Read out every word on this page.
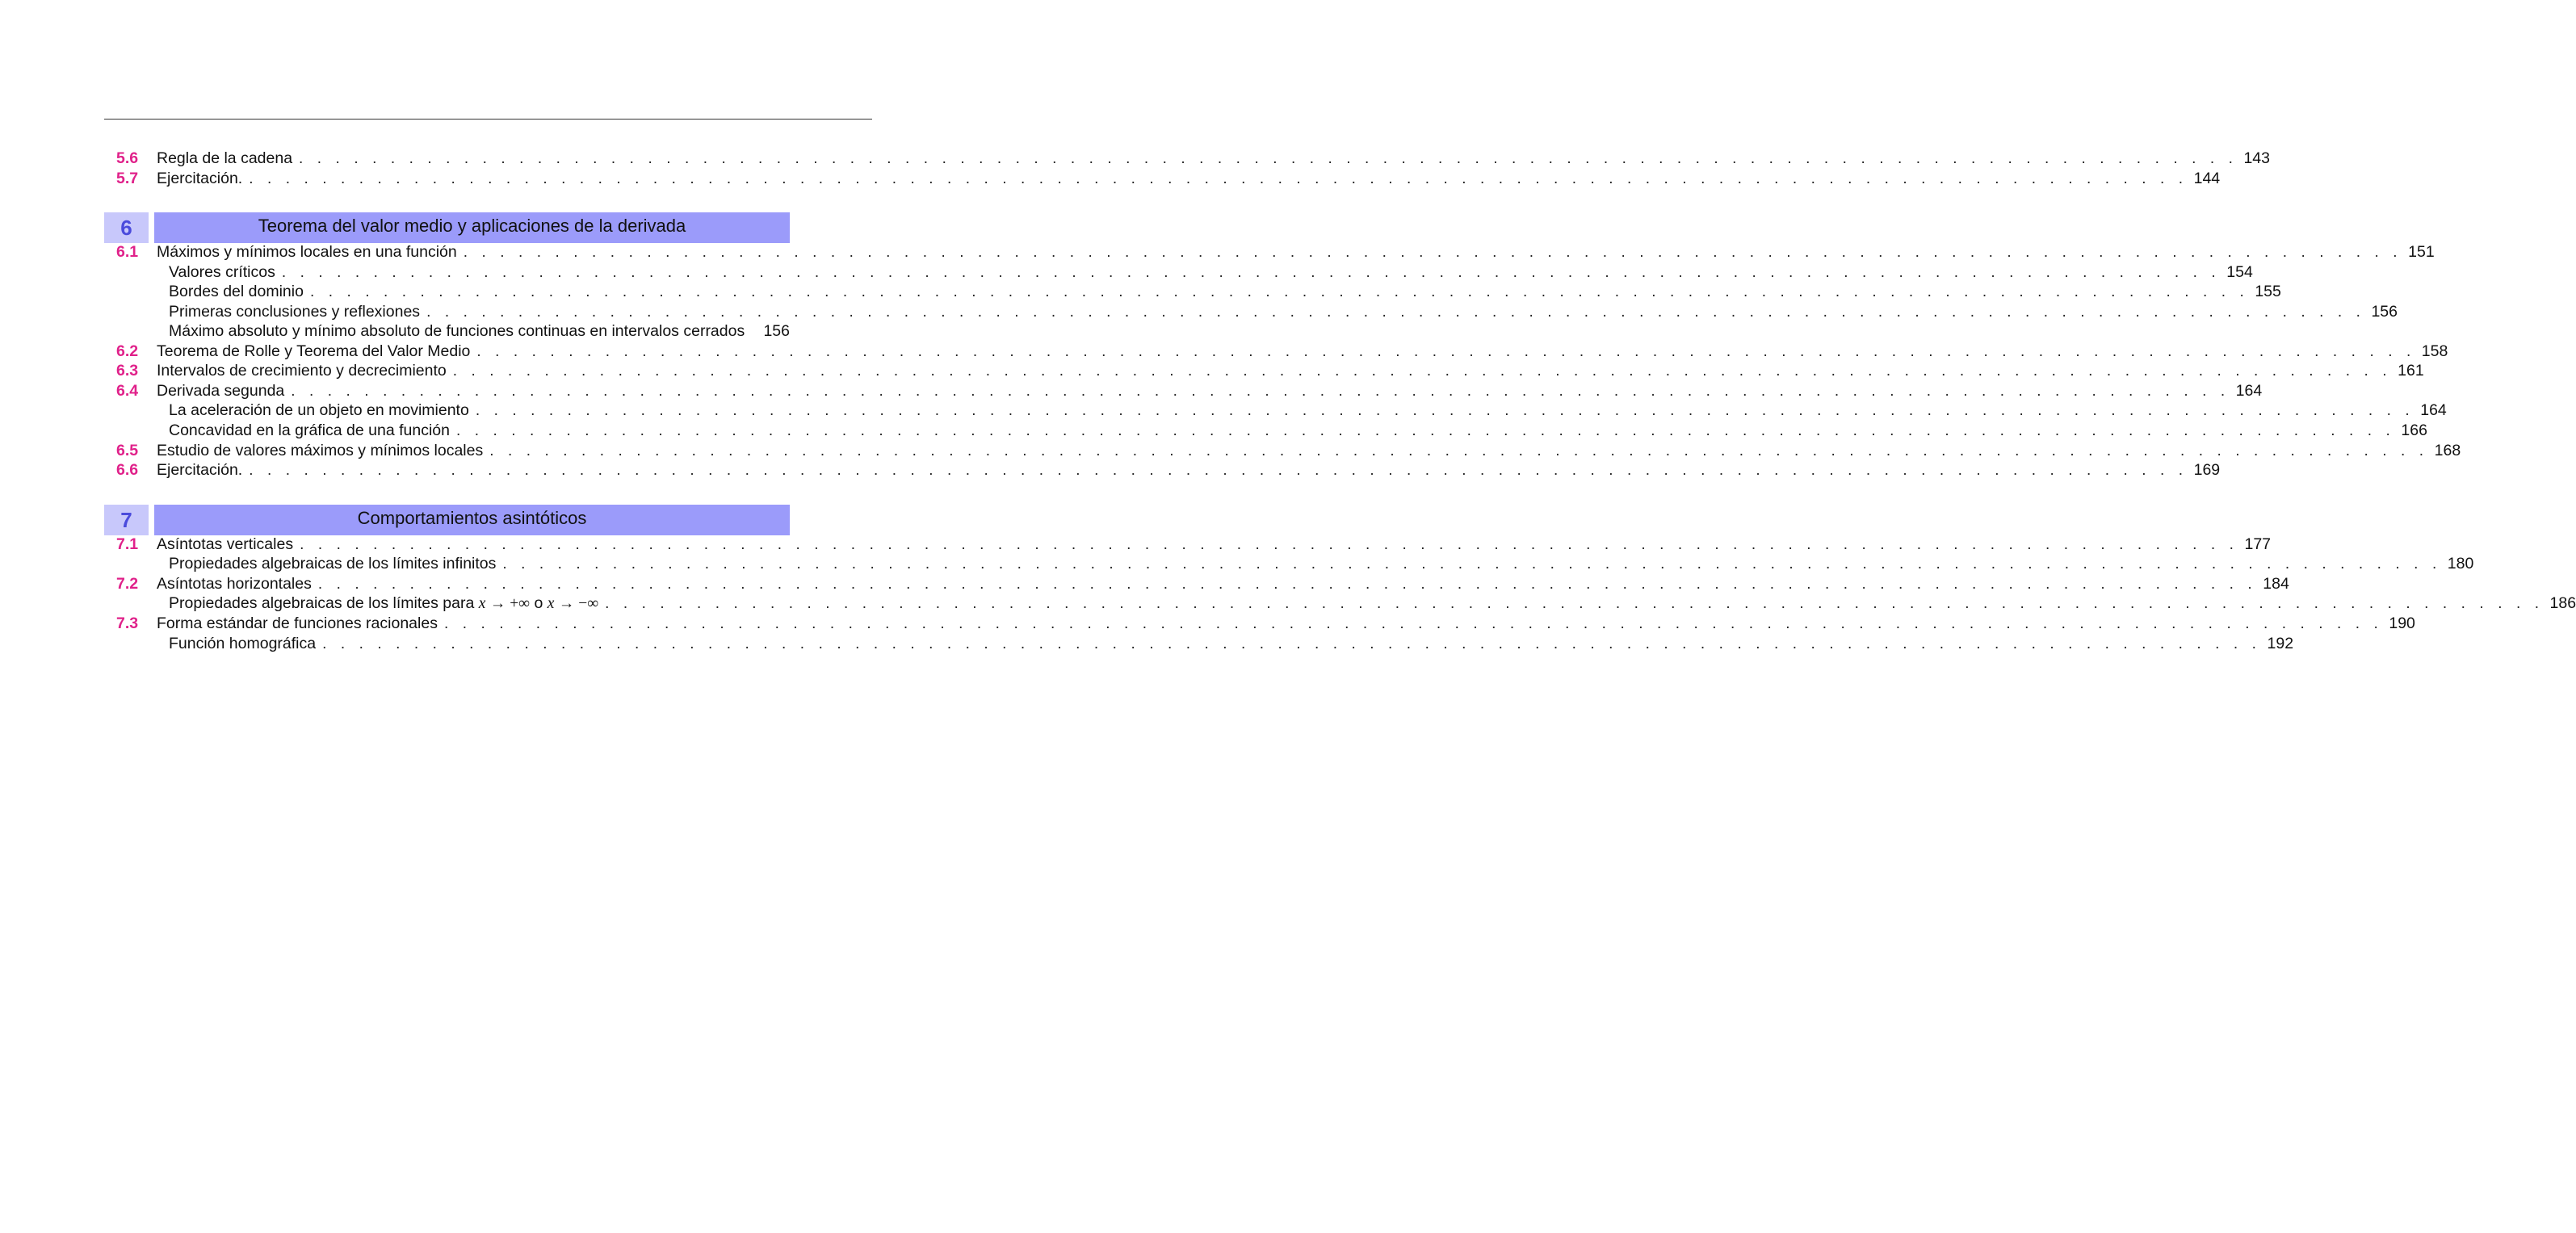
5.6	Regla de la cadena . . . . . . . . . . . . . . . . . . . . . . . . . . . . . . . . . . . . . . . . . . . . . . . . . . . . . . . . . . . . . . . . . . . . . . . . . . . . . . . . . . . . . . . . . . . . . . . . . . . . . . . . . . 143
5.7	Ejercitación. . . . . . . . . . . . . . . . . . . . . . . . . . . . . . . . . . . . . . . . . . . . . . . . . . . . . . . . . . . . . . . . . . . . . . . . . . . . . . . . . . . . . . . . . . . . . . . . . . . . . . . . . . . 144
6	Teorema del valor medio y aplicaciones de la derivada
6.1	Máximos y mínimos locales en una función . . . . . . . . . . . . . . . . . . . . . . . . . . . . . . . . . . . . . . . . . . . . . . . . . . . . . . . . . . . . . . . . . . . . . . . . . . . . . . . . . . . . . . . . . . . . . . . . . . . . . . . . . . 151
Valores críticos . . . . . . . . . . . . . . . . . . . . . . . . . . . . . . . . . . . . . . . . . . . . . . . . . . . . . . . . . . . . . . . . . . . . . . . . . . . . . . . . . . . . . . . . . . . . . . . . . . . . . . . . . . 154
Bordes del dominio . . . . . . . . . . . . . . . . . . . . . . . . . . . . . . . . . . . . . . . . . . . . . . . . . . . . . . . . . . . . . . . . . . . . . . . . . . . . . . . . . . . . . . . . . . . . . . . . . . . . . . . . . . 155
Primeras conclusiones y reflexiones . . . . . . . . . . . . . . . . . . . . . . . . . . . . . . . . . . . . . . . . . . . . . . . . . . . . . . . . . . . . . . . . . . . . . . . . . . . . . . . . . . . . . . . . . . . . . . . . . . . . . . . . . . 156
Máximo absoluto y mínimo absoluto de funciones continuas en intervalos cerrados 156
6.2	Teorema de Rolle y Teorema del Valor Medio . . . . . . . . . . . . . . . . . . . . . . . . . . . . . . . . . . . . . . . . . . . . . . . . . . . . . . . . . . . . . . . . . . . . . . . . . . . . . . . . . . . . . . . . . . . . . . . . . . . . . . . . . . 158
6.3	Intervalos de crecimiento y decrecimiento . . . . . . . . . . . . . . . . . . . . . . . . . . . . . . . . . . . . . . . . . . . . . . . . . . . . . . . . . . . . . . . . . . . . . . . . . . . . . . . . . . . . . . . . . . . . . . . . . . . . . . . . . . 161
6.4	Derivada segunda . . . . . . . . . . . . . . . . . . . . . . . . . . . . . . . . . . . . . . . . . . . . . . . . . . . . . . . . . . . . . . . . . . . . . . . . . . . . . . . . . . . . . . . . . . . . . . . . . . . . . . . . . . 164
La aceleración de un objeto en movimiento . . . . . . . . . . . . . . . . . . . . . . . . . . . . . . . . . . . . . . . . . . . . . . . . . . . . . . . . . . . . . . . . . . . . . . . . . . . . . . . . . . . . . . . . . . . . . . . . . . . . . . . . . . 164
Concavidad en la gráfica de una función . . . . . . . . . . . . . . . . . . . . . . . . . . . . . . . . . . . . . . . . . . . . . . . . . . . . . . . . . . . . . . . . . . . . . . . . . . . . . . . . . . . . . . . . . . . . . . . . . . . . . . . . . . 166
6.5	Estudio de valores máximos y mínimos locales . . . . . . . . . . . . . . . . . . . . . . . . . . . . . . . . . . . . . . . . . . . . . . . . . . . . . . . . . . . . . . . . . . . . . . . . . . . . . . . . . . . . . . . . . . . . . . . . . . . . . . . . . . 168
6.6	Ejercitación. . . . . . . . . . . . . . . . . . . . . . . . . . . . . . . . . . . . . . . . . . . . . . . . . . . . . . . . . . . . . . . . . . . . . . . . . . . . . . . . . . . . . . . . . . . . . . . . . . . . . . . . . . . 169
7	Comportamientos asintóticos
7.1	Asíntotas verticales . . . . . . . . . . . . . . . . . . . . . . . . . . . . . . . . . . . . . . . . . . . . . . . . . . . . . . . . . . . . . . . . . . . . . . . . . . . . . . . . . . . . . . . . . . . . . . . . . . . . . . . . . . 177
Propiedades algebraicas de los límites infinitos . . . . . . . . . . . . . . . . . . . . . . . . . . . . . . . . . . . . . . . . . . . . . . . . . . . . . . . . . . . . . . . . . . . . . . . . . . . . . . . . . . . . . . . . . . . . . . . . . . . . . . . . . . 180
7.2	Asíntotas horizontales . . . . . . . . . . . . . . . . . . . . . . . . . . . . . . . . . . . . . . . . . . . . . . . . . . . . . . . . . . . . . . . . . . . . . . . . . . . . . . . . . . . . . . . . . . . . . . . . . . . . . . . . . . 184
Propiedades algebraicas de los límites para x → +∞ o x → −∞ . . . . . . . . . . . . . . . . . . . . . . . . . . . . . . . . . . . . . . . . . . . . . . . . . . . . . . . . . . . . . . . . . . . . . . . . . . . . . . . . . . . . . . . . . . . . . . . . . . . . . . . . . . 186
7.3	Forma estándar de funciones racionales . . . . . . . . . . . . . . . . . . . . . . . . . . . . . . . . . . . . . . . . . . . . . . . . . . . . . . . . . . . . . . . . . . . . . . . . . . . . . . . . . . . . . . . . . . . . . . . . . . . . . . . . . . 190
Función homográfica . . . . . . . . . . . . . . . . . . . . . . . . . . . . . . . . . . . . . . . . . . . . . . . . . . . . . . . . . . . . . . . . . . . . . . . . . . . . . . . . . . . . . . . . . . . . . . . . . . . . . . . . . . 192
